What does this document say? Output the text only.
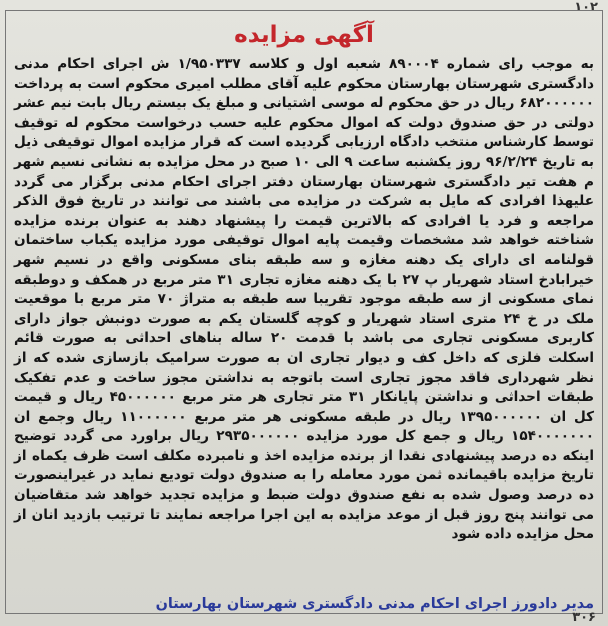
۱۰۲
آگهی مزایده
به موجب رای شماره ۸۹۰۰۰۴ شعبه اول و کلاسه ۱/۹۵۰۳۳۷ ش اجرای احکام مدنی دادگستری شهرستان بهارستان محکوم علیه آقای مطلب امیری محکوم است به پرداخت ۶۸۲۰۰۰۰۰۰ ریال در حق محکوم له موسی اشتیانی و مبلغ یک بیستم ریال بابت نیم عشر دولتی در حق صندوق دولت که اموال محکوم علیه حسب درخواست محکوم له توقیف توسط کارشناس منتخب دادگاه ارزیابی گردیده است که قرار مزایده اموال توقیفی ذیل به تاریخ ۹۶/۲/۲۴ روز یکشنبه ساعت ۹ الی ۱۰ صبح در محل مزایده به نشانی نسیم شهر م هفت تیر دادگستری شهرستان بهارستان دفتر اجرای احکام مدنی برگزار می گردد علیهذا افرادی که مایل به شرکت در مزایده می باشند می توانند در تاریخ فوق الذکر مراجعه و فرد یا افرادی که بالاترین قیمت را پیشنهاد دهند به عنوان برنده مزایده شناخته خواهد شد مشخصات وقیمت پایه اموال توقیفی مورد مزایده یکباب ساختمان قولنامه ای دارای یک دهنه مغازه و سه طبقه بنای مسکونی واقع در نسیم شهر خیرابادخ استاد شهریار پ ۲۷ با یک دهنه مغازه تجاری ۳۱ متر مربع در همکف و دوطبقه نمای مسکونی از سه طبقه موجود تقریبا سه طبقه به متراژ ۷۰ متر مربع با موقعیت ملک در خ ۲۴ متری استاد شهریار و کوچه گلستان یکم به صورت دونبش جواز دارای کاربری مسکونی تجاری می باشد با قدمت ۲۰ ساله بناهای احداثی به صورت قائم اسکلت فلزی که داخل کف و دیوار تجاری ان به صورت سرامیک بازسازی شده که از نظر شهرداری فاقد مجوز تجاری است باتوجه به نداشتن مجوز ساخت و عدم تفکیک طبقات احداثی و نداشتن پایانکار ۳۱ متر تجاری هر متر مربع ۴۵۰۰۰۰۰۰ ریال و قیمت کل ان ۱۳۹۵۰۰۰۰۰۰ ریال در طبقه مسکونی هر متر مربع ۱۱۰۰۰۰۰۰ ریال وجمع ان ۱۵۴۰۰۰۰۰۰۰ ریال و جمع کل مورد مزایده ۲۹۳۵۰۰۰۰۰۰ ریال براورد می گردد توضیح اینکه ده درصد پیشنهادی نقدا از برنده مزایده اخذ و نامبرده مکلف است ظرف یکماه از تاریخ مزایده باقیمانده ثمن مورد معامله را به صندوق دولت تودیع نماید در غیراینصورت ده درصد وصول شده به نفع صندوق دولت ضبط و مزایده تجدید خواهد شد متقاضیان می توانند پنج روز قبل از موعد مزایده به این اجرا مراجعه نمایند تا ترتیب بازدید انان از محل مزایده داده شود
مدیر دادورز اجرای احکام مدنی دادگستری شهرستان بهارستان
۳۰۶
